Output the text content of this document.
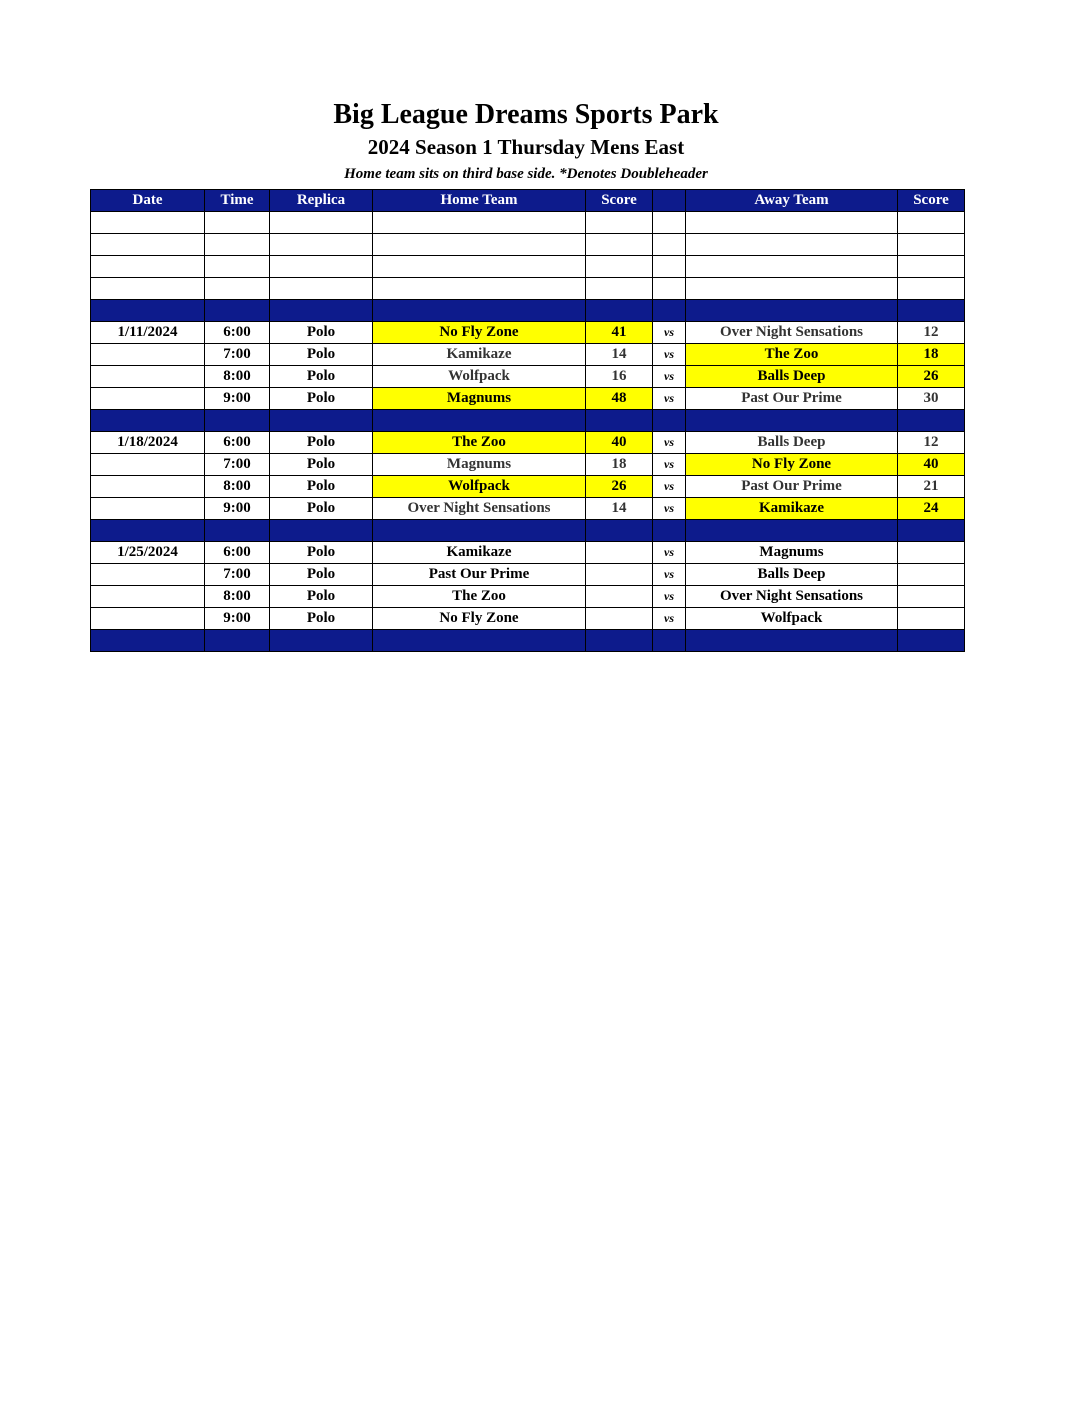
Big League Dreams Sports Park
2024 Season 1 Thursday Mens East
Home team sits on third base side. *Denotes Doubleheader
Date	Time	Replica	Home Team	Score		Away Team	Score

1/11/2024	6:00	Polo	No Fly Zone	41	vs	Over Night Sensations	12
	7:00	Polo	Kamikaze	14	vs	The Zoo	18
	8:00	Polo	Wolfpack	16	vs	Balls Deep	26
	9:00	Polo	Magnums	48	vs	Past Our Prime	30

1/18/2024	6:00	Polo	The Zoo	40	vs	Balls Deep	12
	7:00	Polo	Magnums	18	vs	No Fly Zone	40
	8:00	Polo	Wolfpack	26	vs	Past Our Prime	21
	9:00	Polo	Over Night Sensations	14	vs	Kamikaze	24

1/25/2024	6:00	Polo	Kamikaze		vs	Magnums	
	7:00	Polo	Past Our Prime		vs	Balls Deep	
	8:00	Polo	The Zoo		vs	Over Night Sensations	
	9:00	Polo	No Fly Zone		vs	Wolfpack	
